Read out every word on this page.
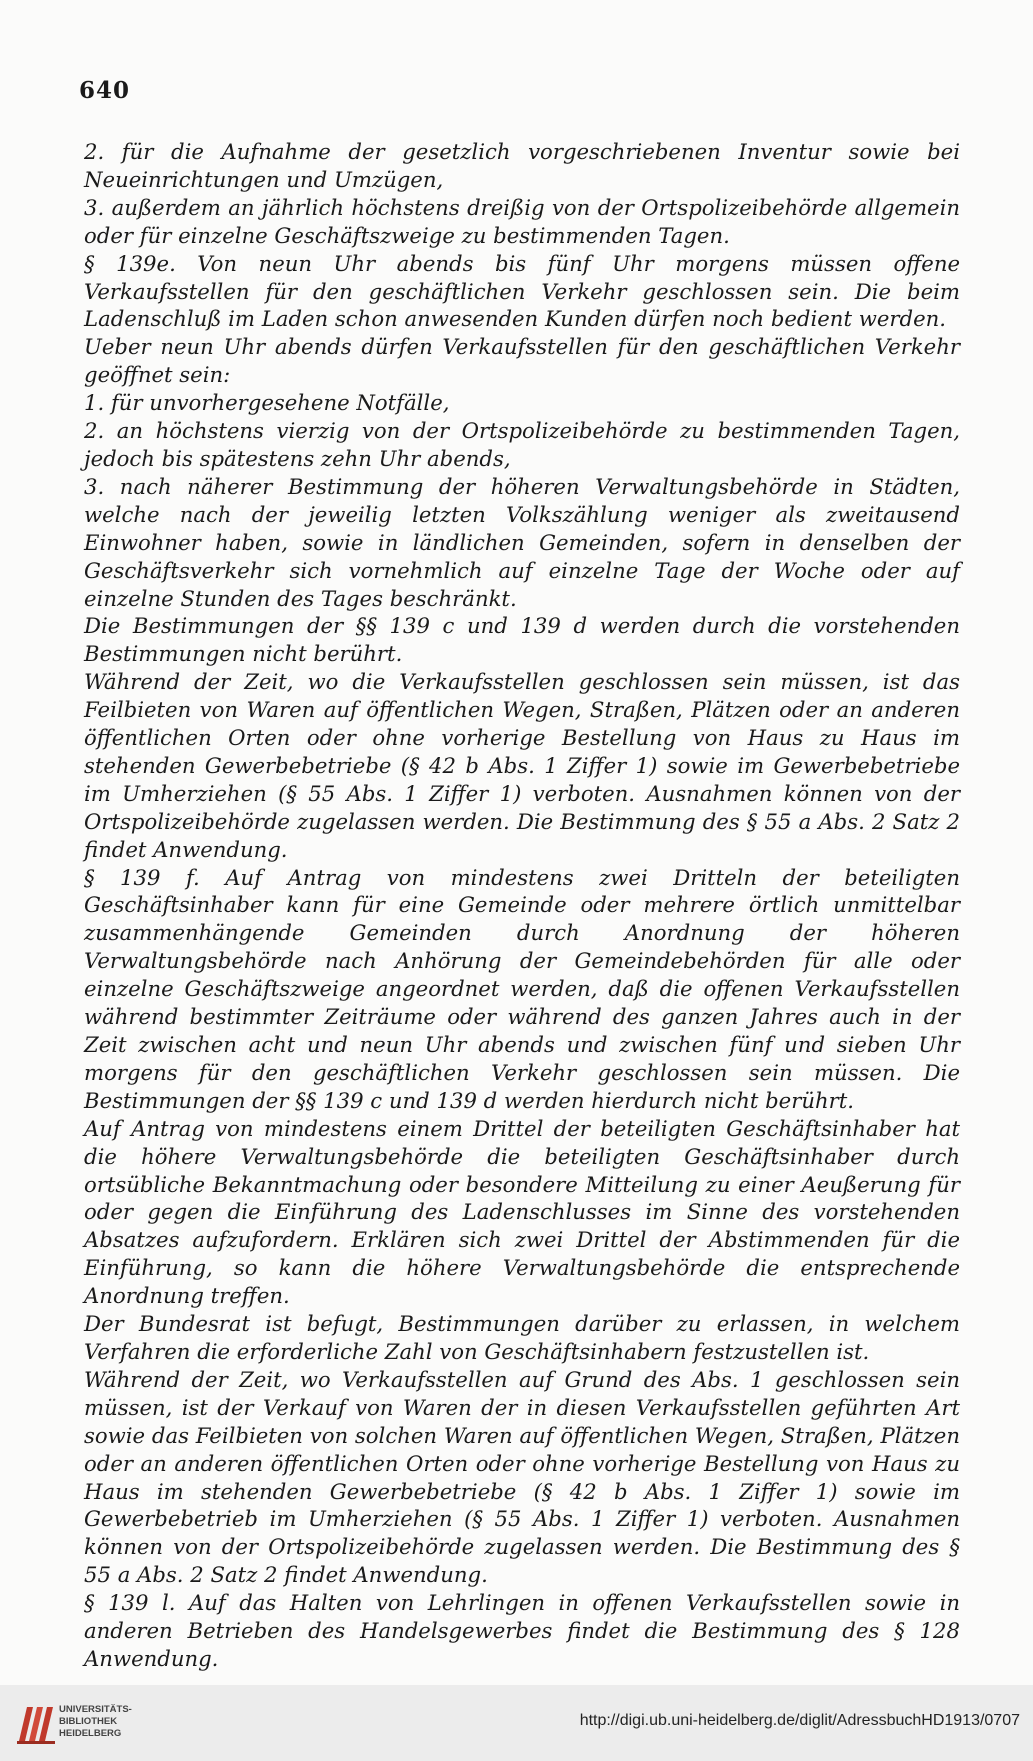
640

2. für die Aufnahme der gesetzlich vorgeschriebenen Inventur sowie bei Neueinrichtungen und Umzügen,

3. außerdem an jährlich höchstens dreißig von der Ortspolizeibehörde allgemein oder für einzelne Geschäftszweige zu bestimmenden Tagen.

§ 139e. Von neun Uhr abends bis fünf Uhr morgens müssen offene Verkaufsstellen für den geschäftlichen Verkehr geschlossen sein. Die beim Ladenschluß im Laden schon anwesenden Kunden dürfen noch bedient werden.

Ueber neun Uhr abends dürfen Verkaufsstellen für den geschäftlichen Verkehr geöffnet sein:

1. für unvorhergesehene Notfälle,

2. an höchstens vierzig von der Ortspolizeibehörde zu bestimmenden Tagen, jedoch bis spätestens zehn Uhr abends,

3. nach näherer Bestimmung der höheren Verwaltungsbehörde in Städten, welche nach der jeweilig letzten Volkszählung weniger als zweitausend Einwohner haben, sowie in ländlichen Gemeinden, sofern in denselben der Geschäftsverkehr sich vornehmlich auf einzelne Tage der Woche oder auf einzelne Stunden des Tages beschränkt.

Die Bestimmungen der §§ 139 c und 139 d werden durch die vorstehenden Bestimmungen nicht berührt.

Während der Zeit, wo die Verkaufsstellen geschlossen sein müssen, ist das Feilbieten von Waren auf öffentlichen Wegen, Straßen, Plätzen oder an anderen öffentlichen Orten oder ohne vorherige Bestellung von Haus zu Haus im stehenden Gewerbebetriebe (§ 42 b Abs. 1 Ziffer 1) sowie im Gewerbebetriebe im Umherziehen (§ 55 Abs. 1 Ziffer 1) verboten. Ausnahmen können von der Ortspolizeibehörde zugelassen werden. Die Bestimmung des § 55 a Abs. 2 Satz 2 findet Anwendung.

§ 139 f. Auf Antrag von mindestens zwei Dritteln der beteiligten Geschäftsinhaber kann für eine Gemeinde oder mehrere örtlich unmittelbar zusammenhängende Gemeinden durch Anordnung der höheren Verwaltungsbehörde nach Anhörung der Gemeindebehörden für alle oder einzelne Geschäftszweige angeordnet werden, daß die offenen Verkaufsstellen während bestimmter Zeiträume oder während des ganzen Jahres auch in der Zeit zwischen acht und neun Uhr abends und zwischen fünf und sieben Uhr morgens für den geschäftlichen Verkehr geschlossen sein müssen. Die Bestimmungen der §§ 139 c und 139 d werden hierdurch nicht berührt.

Auf Antrag von mindestens einem Drittel der beteiligten Geschäftsinhaber hat die höhere Verwaltungsbehörde die beteiligten Geschäftsinhaber durch ortsübliche Bekanntmachung oder besondere Mitteilung zu einer Aeußerung für oder gegen die Einführung des Ladenschlusses im Sinne des vorstehenden Absatzes aufzufordern. Erklären sich zwei Drittel der Abstimmenden für die Einführung, so kann die höhere Verwaltungsbehörde die entsprechende Anordnung treffen.

Der Bundesrat ist befugt, Bestimmungen darüber zu erlassen, in welchem Verfahren die erforderliche Zahl von Geschäftsinhabern festzustellen ist.

Während der Zeit, wo Verkaufsstellen auf Grund des Abs. 1 geschlossen sein müssen, ist der Verkauf von Waren der in diesen Verkaufsstellen geführten Art sowie das Feilbieten von solchen Waren auf öffentlichen Wegen, Straßen, Plätzen oder an anderen öffentlichen Orten oder ohne vorherige Bestellung von Haus zu Haus im stehenden Gewerbebetriebe (§ 42 b Abs. 1 Ziffer 1) sowie im Gewerbebetrieb im Umherziehen (§ 55 Abs. 1 Ziffer 1) verboten. Ausnahmen können von der Ortspolizeibehörde zugelassen werden. Die Bestimmung des § 55 a Abs. 2 Satz 2 findet Anwendung.

§ 139 l. Auf das Halten von Lehrlingen in offenen Verkaufsstellen sowie in anderen Betrieben des Handelsgewerbes findet die Bestimmung des § 128 Anwendung.

UNIVERSITÄTS-
BIBLIOTHEK
HEIDELBERG
http://digi.ub.uni-heidelberg.de/diglit/AdressbuchHD1913/0707
